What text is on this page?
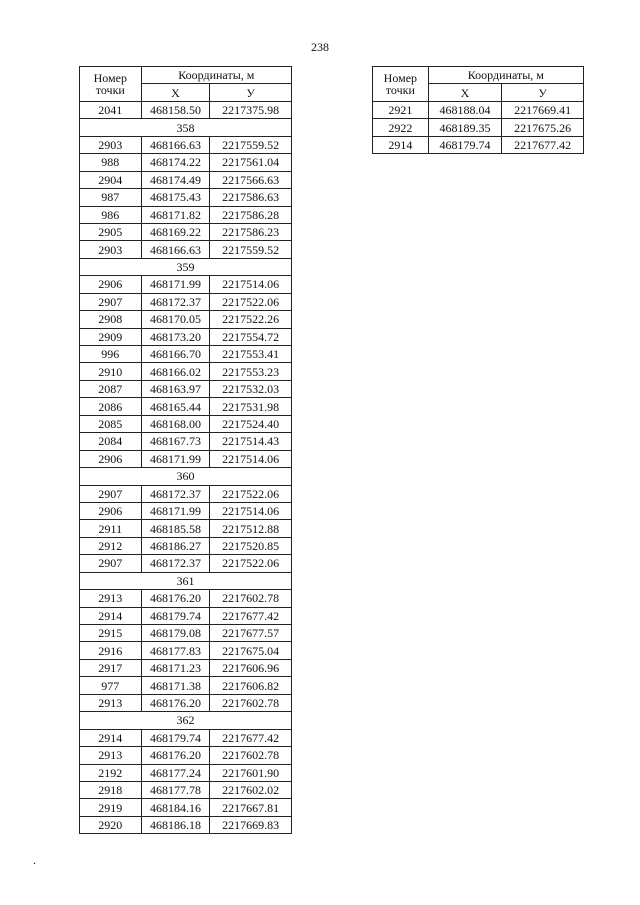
238
Номер
точки	Координаты, м	
	X	У
2041	468158.50	2217375.98
358		
2903	468166.63	2217559.52
988	468174.22	2217561.04
2904	468174.49	2217566.63
987	468175.43	2217586.63
986	468171.82	2217586.28
2905	468169.22	2217586.23
2903	468166.63	2217559.52
359		
2906	468171.99	2217514.06
2907	468172.37	2217522.06
2908	468170.05	2217522.26
2909	468173.20	2217554.72
996	468166.70	2217553.41
2910	468166.02	2217553.23
2087	468163.97	2217532.03
2086	468165.44	2217531.98
2085	468168.00	2217524.40
2084	468167.73	2217514.43
2906	468171.99	2217514.06
360		
2907	468172.37	2217522.06
2906	468171.99	2217514.06
2911	468185.58	2217512.88
2912	468186.27	2217520.85
2907	468172.37	2217522.06
361		
2913	468176.20	2217602.78
2914	468179.74	2217677.42
2915	468179.08	2217677.57
2916	468177.83	2217675.04
2917	468171.23	2217606.96
977	468171.38	2217606.82
2913	468176.20	2217602.78
362		
2914	468179.74	2217677.42
2913	468176.20	2217602.78
2192	468177.24	2217601.90
2918	468177.78	2217602.02
2919	468184.16	2217667.81
2920	468186.18	2217669.83
Номер
точки	Координаты, м	
	X	У
2921	468188.04	2217669.41
2922	468189.35	2217675.26
2914	468179.74	2217677.42
.
